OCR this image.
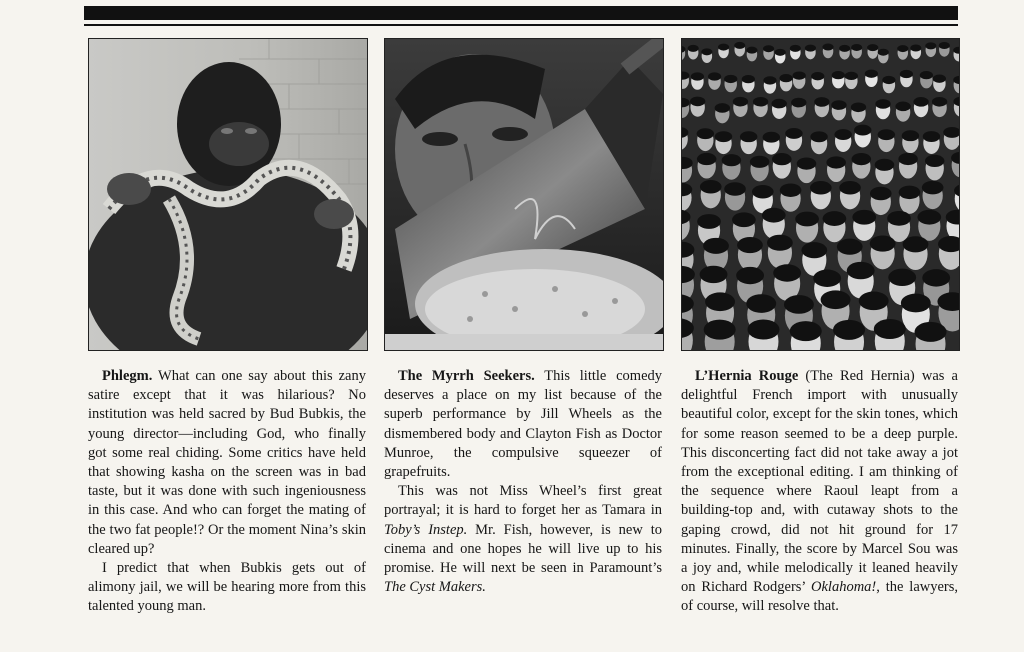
Phlegm. What can one say about this zany satire except that it was hilarious? No institution was held sacred by Bud Bubkis, the young director—including God, who finally got some real chiding. Some critics have held that showing kasha on the screen was in bad taste, but it was done with such ingeniousness in this case. And who can forget the mating of the two fat people!? Or the moment Nina’s skin cleared up?

I predict that when Bubkis gets out of alimony jail, we will be hearing more from this talented young man.

The Myrrh Seekers. This little comedy deserves a place on my list because of the superb performance by Jill Wheels as the dismembered body and Clayton Fish as Doctor Munroe, the compulsive squeezer of grapefruits.

This was not Miss Wheel’s first great portrayal; it is hard to forget her as Tamara in Toby’s Instep. Mr. Fish, however, is new to cinema and one hopes he will live up to his promise. He will next be seen in Paramount’s The Cyst Makers.

L’Hernia Rouge (The Red Hernia) was a delightful French import with unusually beautiful color, except for the skin tones, which for some reason seemed to be a deep purple. This disconcerting fact did not take away a jot from the exceptional editing. I am thinking of the sequence where Raoul leapt from a building-top and, with cutaway shots to the gaping crowd, did not hit ground for 17 minutes. Finally, the score by Marcel Sou was a joy and, while melodically it leaned heavily on Richard Rodgers’ Oklahoma!, the lawyers, of course, will resolve that.
